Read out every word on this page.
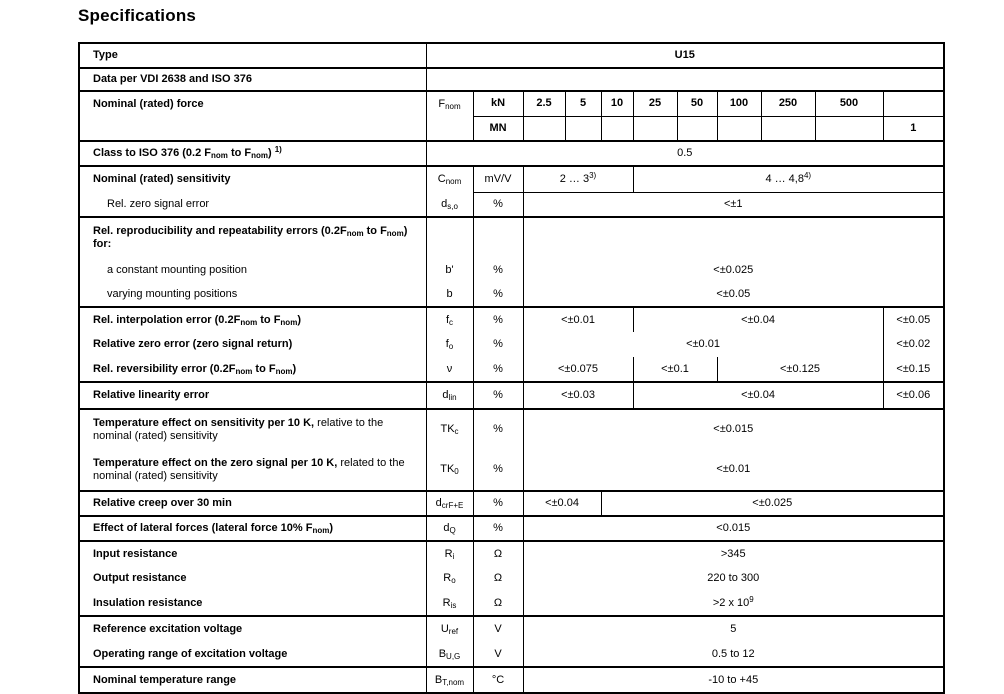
Specifications
Type	U15										
Data per VDI 2638 and ISO 376											
Nominal (rated) force	$F_{nom}$	kN	2.5	5	10	25	50	100	250	500	
		MN									1
Class to ISO 376 (0.2 $F_{nom}$ to $F_{nom}$) $^{1)}$	0.5										
Nominal (rated) sensitivity	$C_{nom}$	mV/V	2 … 3$^{3)}$			4 … 4,8$^{4)}$
Rel. zero signal error	$d_{s,o}$	%	<±1								
Rel. reproducibility and repeatability errors ($0.2F_{nom}$ to $F_{nom}$) for:											
a constant mounting position	b'	%	<±0.025								
varying mounting positions	b	%	<±0.05								
Rel. interpolation error ($0.2F_{nom}$ to $F_{nom}$)	$f_c$	%	<±0.01			<±0.04					<±0.05
Relative zero error (zero signal return)	$f_o$	%	<±0.01								<±0.02
Rel. reversibility error ($0.2F_{nom}$ to $F_{nom}$)	ν	%	<±0.075			<±0.1		<±0.125			<±0.15
Relative linearity error	$d_{lin}$	%	<±0.03			<±0.04					<±0.06
Temperature effect on sensitivity per 10 K, relative to the nominal (rated) sensitivity	$TK_c$	%	<±0.015								
Temperature effect on the zero signal per 10 K, related to the nominal (rated) sensitivity	$TK_0$	%	<±0.01								
Relative creep over 30 min	$d_{crF+E}$	%	<±0.04		<±0.025						
Effect of lateral forces (lateral force 10% $F_{nom}$)	$d_Q$	%	<0.015								
Input resistance	$R_i$	Ω	>345								
Output resistance	$R_o$	Ω	220 to 300								
Insulation resistance	$R_{is}$	Ω	>2 x $10^9$
Reference excitation voltage	$U_{ref}$	V	5								
Operating range of excitation voltage	$B_{U,G}$	V	0.5 to 12								
Nominal temperature range	$B_{T,nom}$	°C	-10 to +45								
